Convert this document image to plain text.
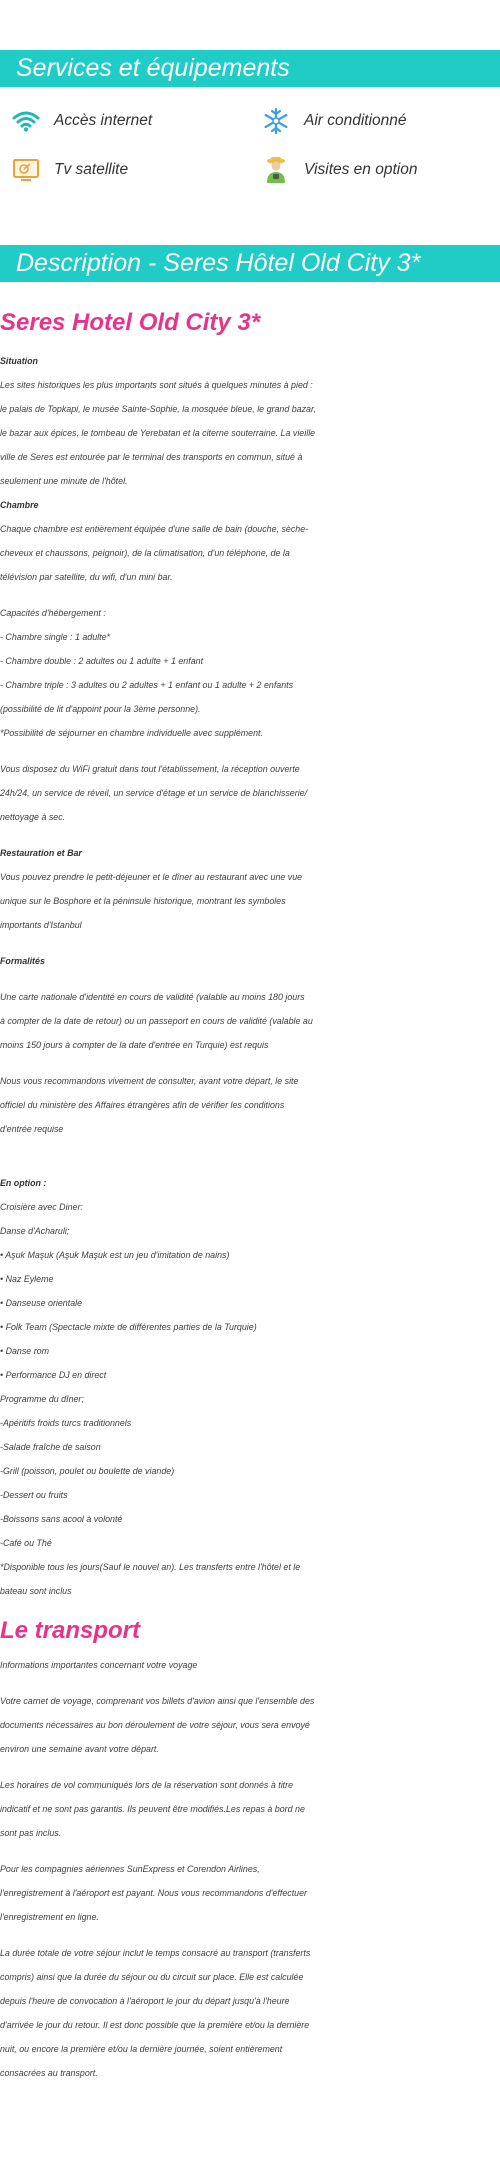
Services et équipements
Accès internet	Air conditionné
Tv satellite	Visites en option
Description - Seres Hôtel Old City 3*
Seres Hotel Old City 3*

Situation

Les sites historiques les plus importants sont situés à quelques minutes à pied :

le palais de Topkapi, le musée Sainte-Sophie, la mosquée bleue, le grand bazar,

le bazar aux épices, le tombeau de Yerebatan et la citerne souterraine. La vieille

ville de Seres est entourée par le terminal des transports en commun, situé à

seulement une minute de l'hôtel.

Chambre

Chaque chambre est entièrement équipée d'une salle de bain (douche, sèche-

cheveux et chaussons, peignoir), de la climatisation, d'un téléphone, de la

télévision par satellite, du wifi, d'un mini bar.

Capacités d'hébergement :

- Chambre single : 1 adulte*

- Chambre double : 2 adultes ou 1 adulte + 1 enfant

- Chambre triple : 3 adultes ou 2 adultes + 1 enfant ou 1 adulte + 2 enfants

(possibilité de lit d'appoint pour la 3ème personne).

*Possibilité de séjourner en chambre individuelle avec supplément.

Vous disposez du WiFi gratuit dans tout l'établissement, la réception ouverte

24h/24, un service de réveil, un service d'étage et un service de blanchisserie/

nettoyage à sec.

Restauration et Bar

Vous pouvez prendre le petit-déjeuner et le dîner au restaurant avec une vue

unique sur le Bosphore et la péninsule historique, montrant les symboles

importants d'Istanbul

Formalités

Une carte nationale d'identité en cours de validité (valable au moins 180 jours

à compter de la date de retour) ou un passeport en cours de validité (valable au

moins 150 jours à compter de la date d'entrée en Turquie) est requis

Nous vous recommandons vivement de consulter, avant votre départ, le site

officiel du ministère des Affaires étrangères afin de vérifier les conditions

d'entrée requise

En option :

Croisière avec Diner:

Danse d'Acharuli;

• Aşuk Maşuk (Aşuk Maşuk est un jeu d'imitation de nains)

• Naz Eyleme

• Danseuse orientale

• Folk Team (Spectacle mixte de différentes parties de la Turquie)

• Danse rom

• Performance DJ en direct

Programme du dîner;

-Apéritifs froids turcs traditionnels

-Salade fraîche de saison

-Grill (poisson, poulet ou boulette de viande)

-Dessert ou fruits

-Boissons sans acool à volonté

-Café ou Thé

*Disponible tous les jours(Sauf le nouvel an). Les transferts entre l'hôtel et le

bateau sont inclus

Le transport

Informations importantes concernant votre voyage

Votre carnet de voyage, comprenant vos billets d'avion ainsi que l'ensemble des

documents nécessaires au bon déroulement de votre séjour, vous sera envoyé

environ une semaine avant votre départ.

Les horaires de vol communiqués lors de la réservation sont donnés à titre

indicatif et ne sont pas garantis. Ils peuvent être modifiés.Les repas à bord ne

sont pas inclus.

Pour les compagnies aériennes SunExpress et Corendon Airlines,

l'enregistrement à l'aéroport est payant. Nous vous recommandons d'effectuer

l'enregistrement en ligne.

La durée totale de votre séjour inclut le temps consacré au transport (transferts

compris) ainsi que la durée du séjour ou du circuit sur place. Elle est calculée

depuis l'heure de convocation à l'aéroport le jour du départ jusqu'à l'heure

d'arrivée le jour du retour. Il est donc possible que la première et/ou la dernière

nuit, ou encore la première et/ou la dernière journée, soient entièrement

consacrées au transport.
